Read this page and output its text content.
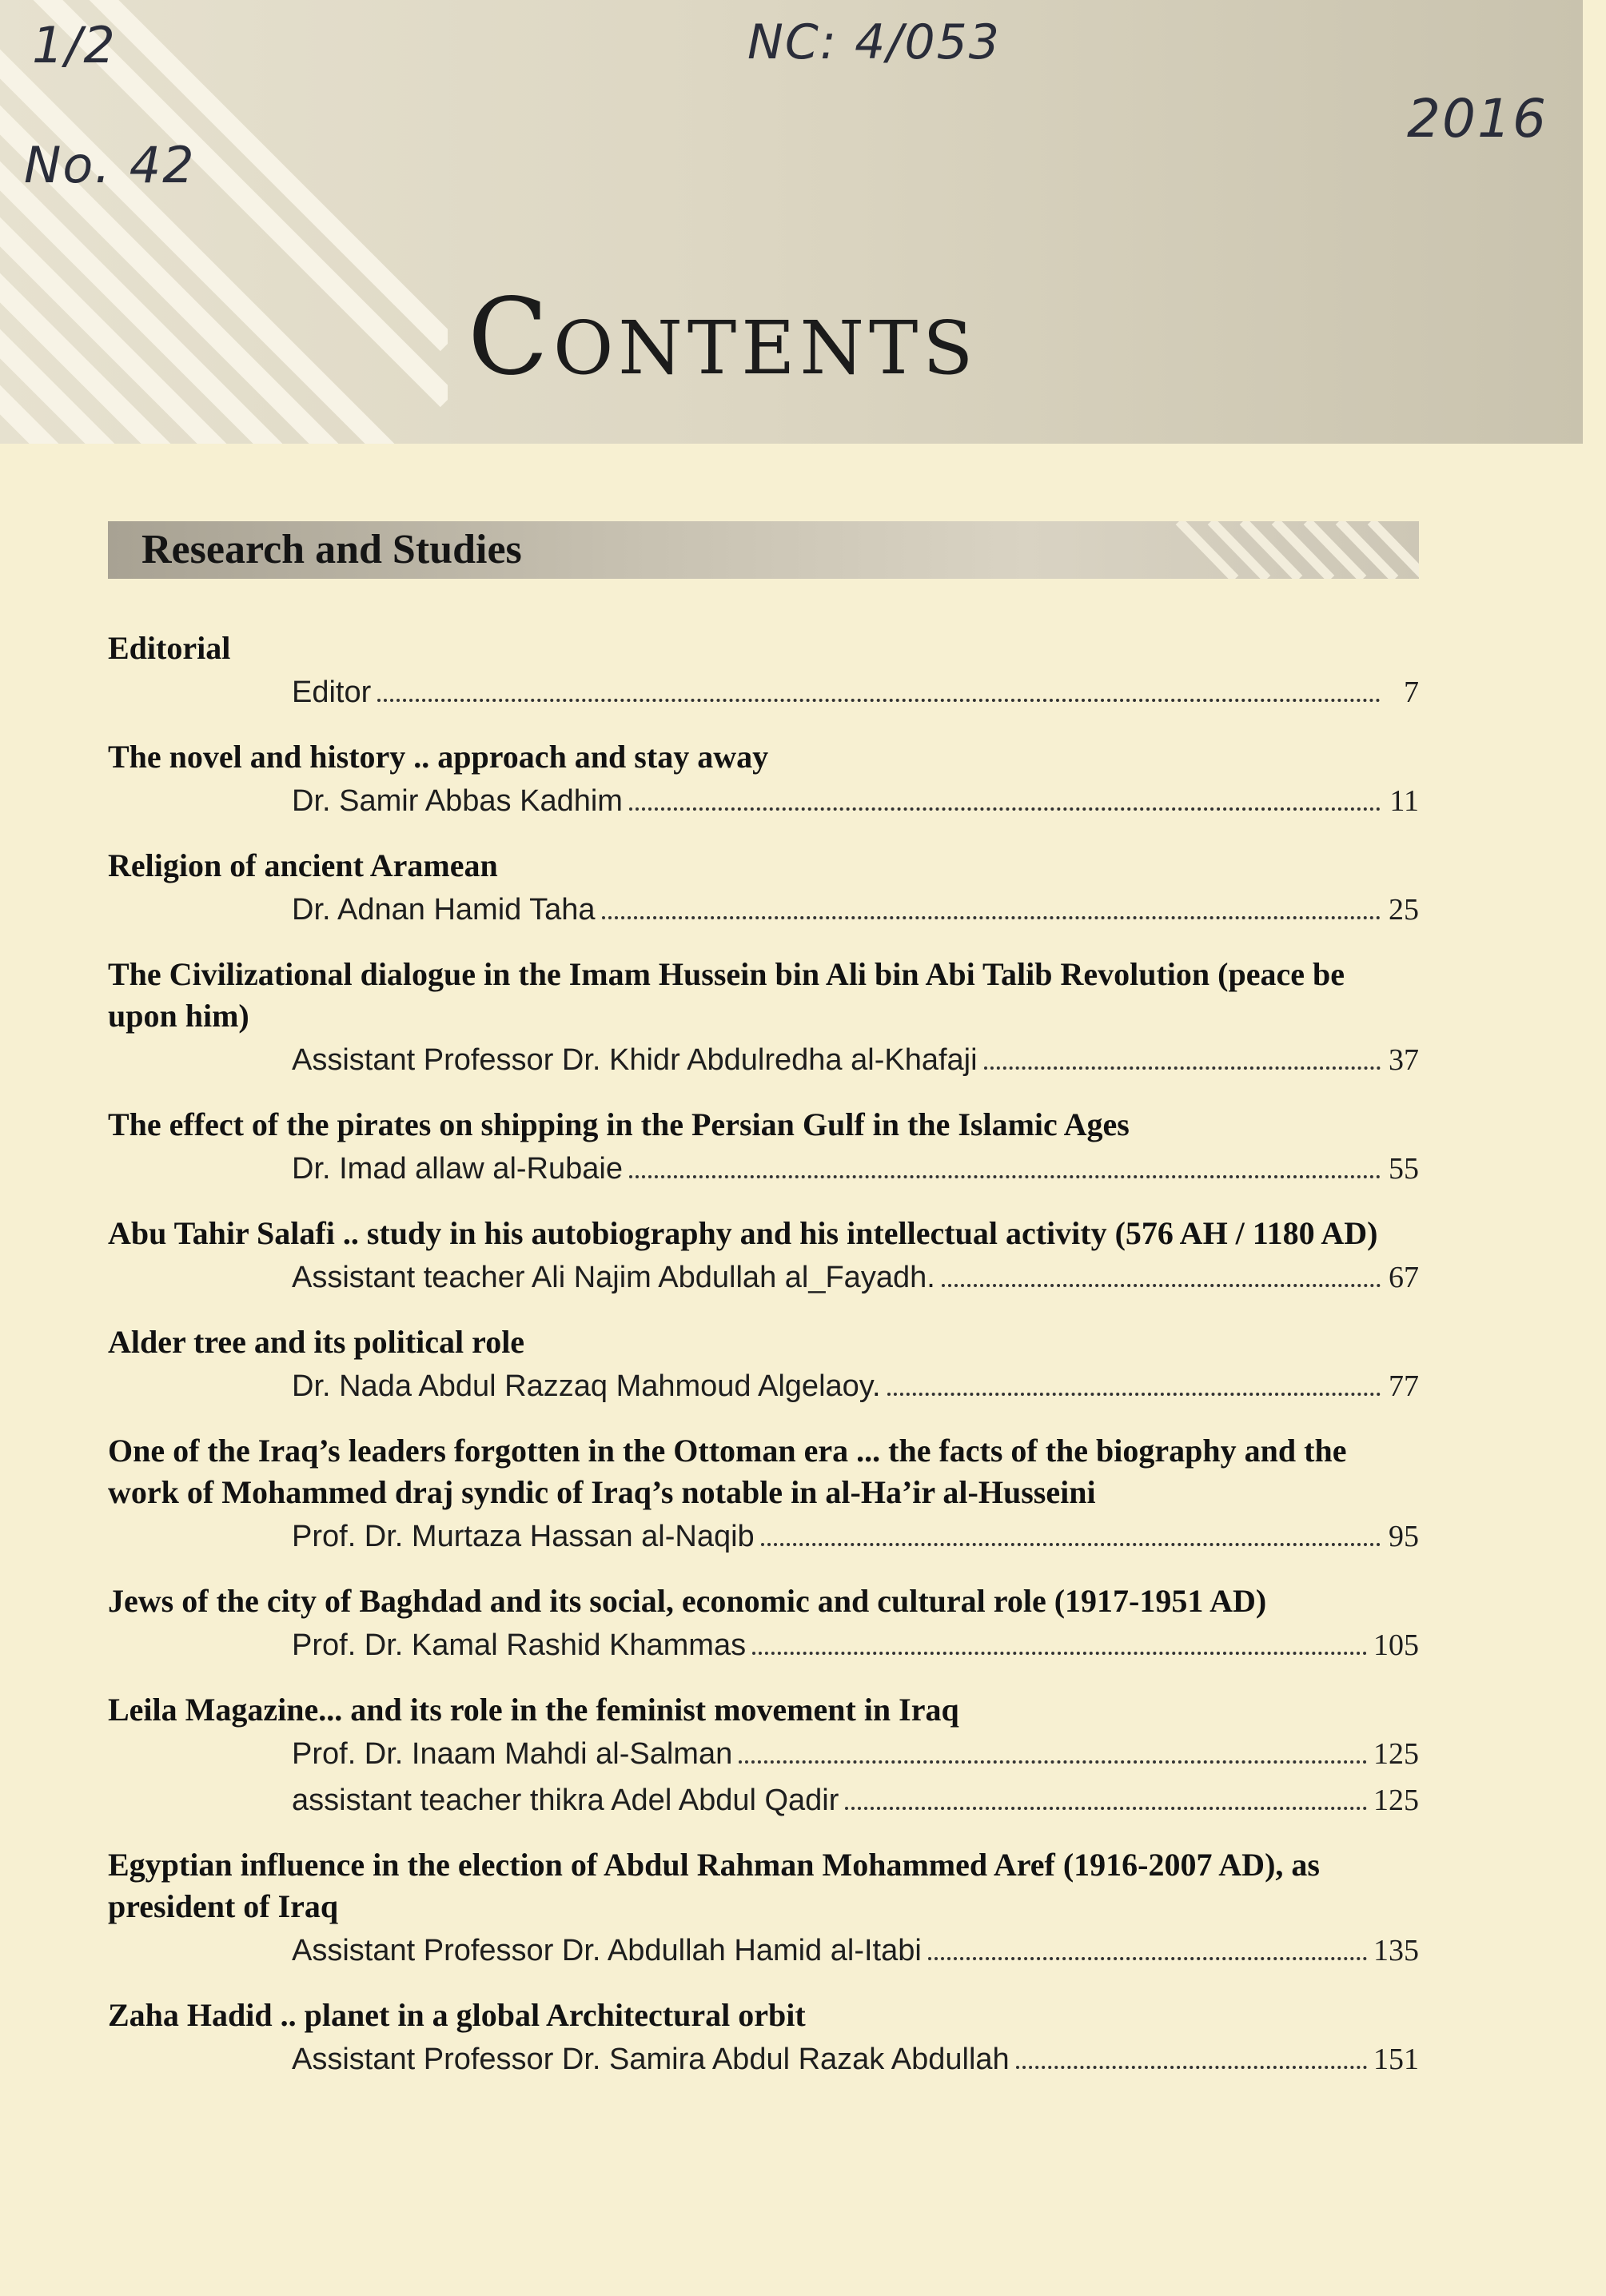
1/2	NC: 4/053
No. 42
2016
Contents
Research and Studies
Editorial
Editor	7
The novel and history .. approach and stay away
Dr. Samir Abbas Kadhim	11
Religion of ancient Aramean
Dr. Adnan Hamid Taha	25
The Civilizational dialogue in the Imam Hussein bin Ali bin Abi Talib Revolution (peace be upon him)
Assistant Professor Dr. Khidr Abdulredha al-Khafaji	37
The effect of the pirates on shipping in the Persian Gulf in the Islamic Ages
Dr. Imad allaw al-Rubaie	55
Abu Tahir Salafi .. study in his autobiography and his intellectual activity (576 AH / 1180 AD)
Assistant teacher Ali Najim Abdullah al_Fayadh.	67
Alder tree and its political role
Dr. Nada Abdul Razzaq Mahmoud Algelaoy.	77
One of the Iraq’s leaders forgotten in the Ottoman era ... the facts of the biography and the work of Mohammed draj syndic of Iraq’s notable in al-Ha’ir al-Husseini
Prof. Dr. Murtaza Hassan al-Naqib	95
Jews of the city of Baghdad and its social, economic and cultural role (1917-1951 AD)
Prof. Dr. Kamal Rashid Khammas	105
Leila Magazine... and its role in the feminist movement in Iraq
Prof. Dr. Inaam Mahdi al-Salman	125
assistant teacher thikra Adel Abdul Qadir	125
Egyptian influence in the election of Abdul Rahman Mohammed Aref (1916-2007 AD), as president of Iraq
Assistant Professor Dr. Abdullah Hamid al-Itabi	135
Zaha Hadid .. planet in a global Architectural orbit
Assistant Professor Dr. Samira Abdul Razak Abdullah	151
